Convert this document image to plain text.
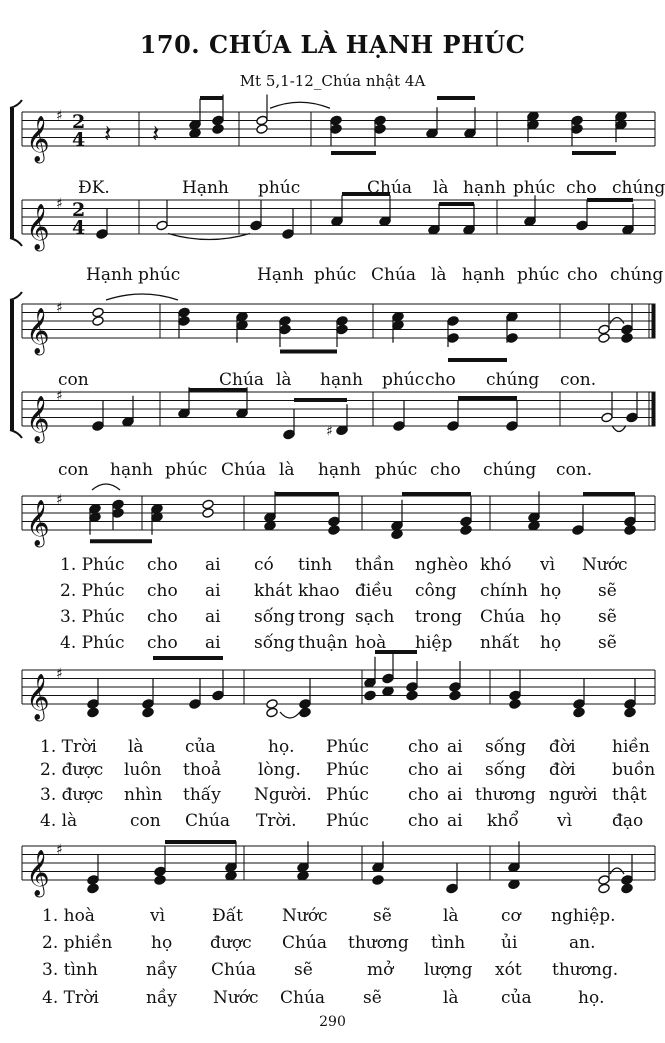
170. CHÚA LÀ HẠNH PHÚC
Mt 5,1-12_Chúa nhật 4A
𝄞 ♯ 2
4
𝄞 ♯ 2
4
𝄞 ♯
𝄞 ♯
𝄞 ♯
𝄞 ♯
𝄞 ♯
𝄽 𝄽
♯
ĐK.	Hạnh phúc	Chúa là hạnh phúc cho chúng
Hạnh phúc	Hạnh phúc Chúa là hạnh phúc cho chúng
con	Chúa là hạnh phúc cho chúng con.
con hạnh phúc Chúa là hạnh phúc cho chúng con.
1. Phúc cho ai có tinh thần nghèo khó vì Nước
2. Phúc cho ai khát khao điều công chính họ sẽ
3. Phúc cho ai sống trong sạch trong Chúa họ sẽ
4. Phúc cho ai sống thuận hoà hiệp nhất họ sẽ
1. Trời là của	họ. Phúc cho ai sống đời hiền
2. được luôn thoả lòng. Phúc cho ai sống đời buồn
3. được nhìn thấy Người. Phúc cho ai thương người thật
4. là	con Chúa Trời. Phúc cho ai khổ vì đạo
1. hoà	vì	Đất Nước	sẽ	là cơ nghiệp.
2. phiền họ được Chúa thương tình ủi	an.
3. tình	nầy Chúa sẽ	mở lượng xót thương.
4. Trời	nầy Nước Chúa sẽ	là của	họ.
290
